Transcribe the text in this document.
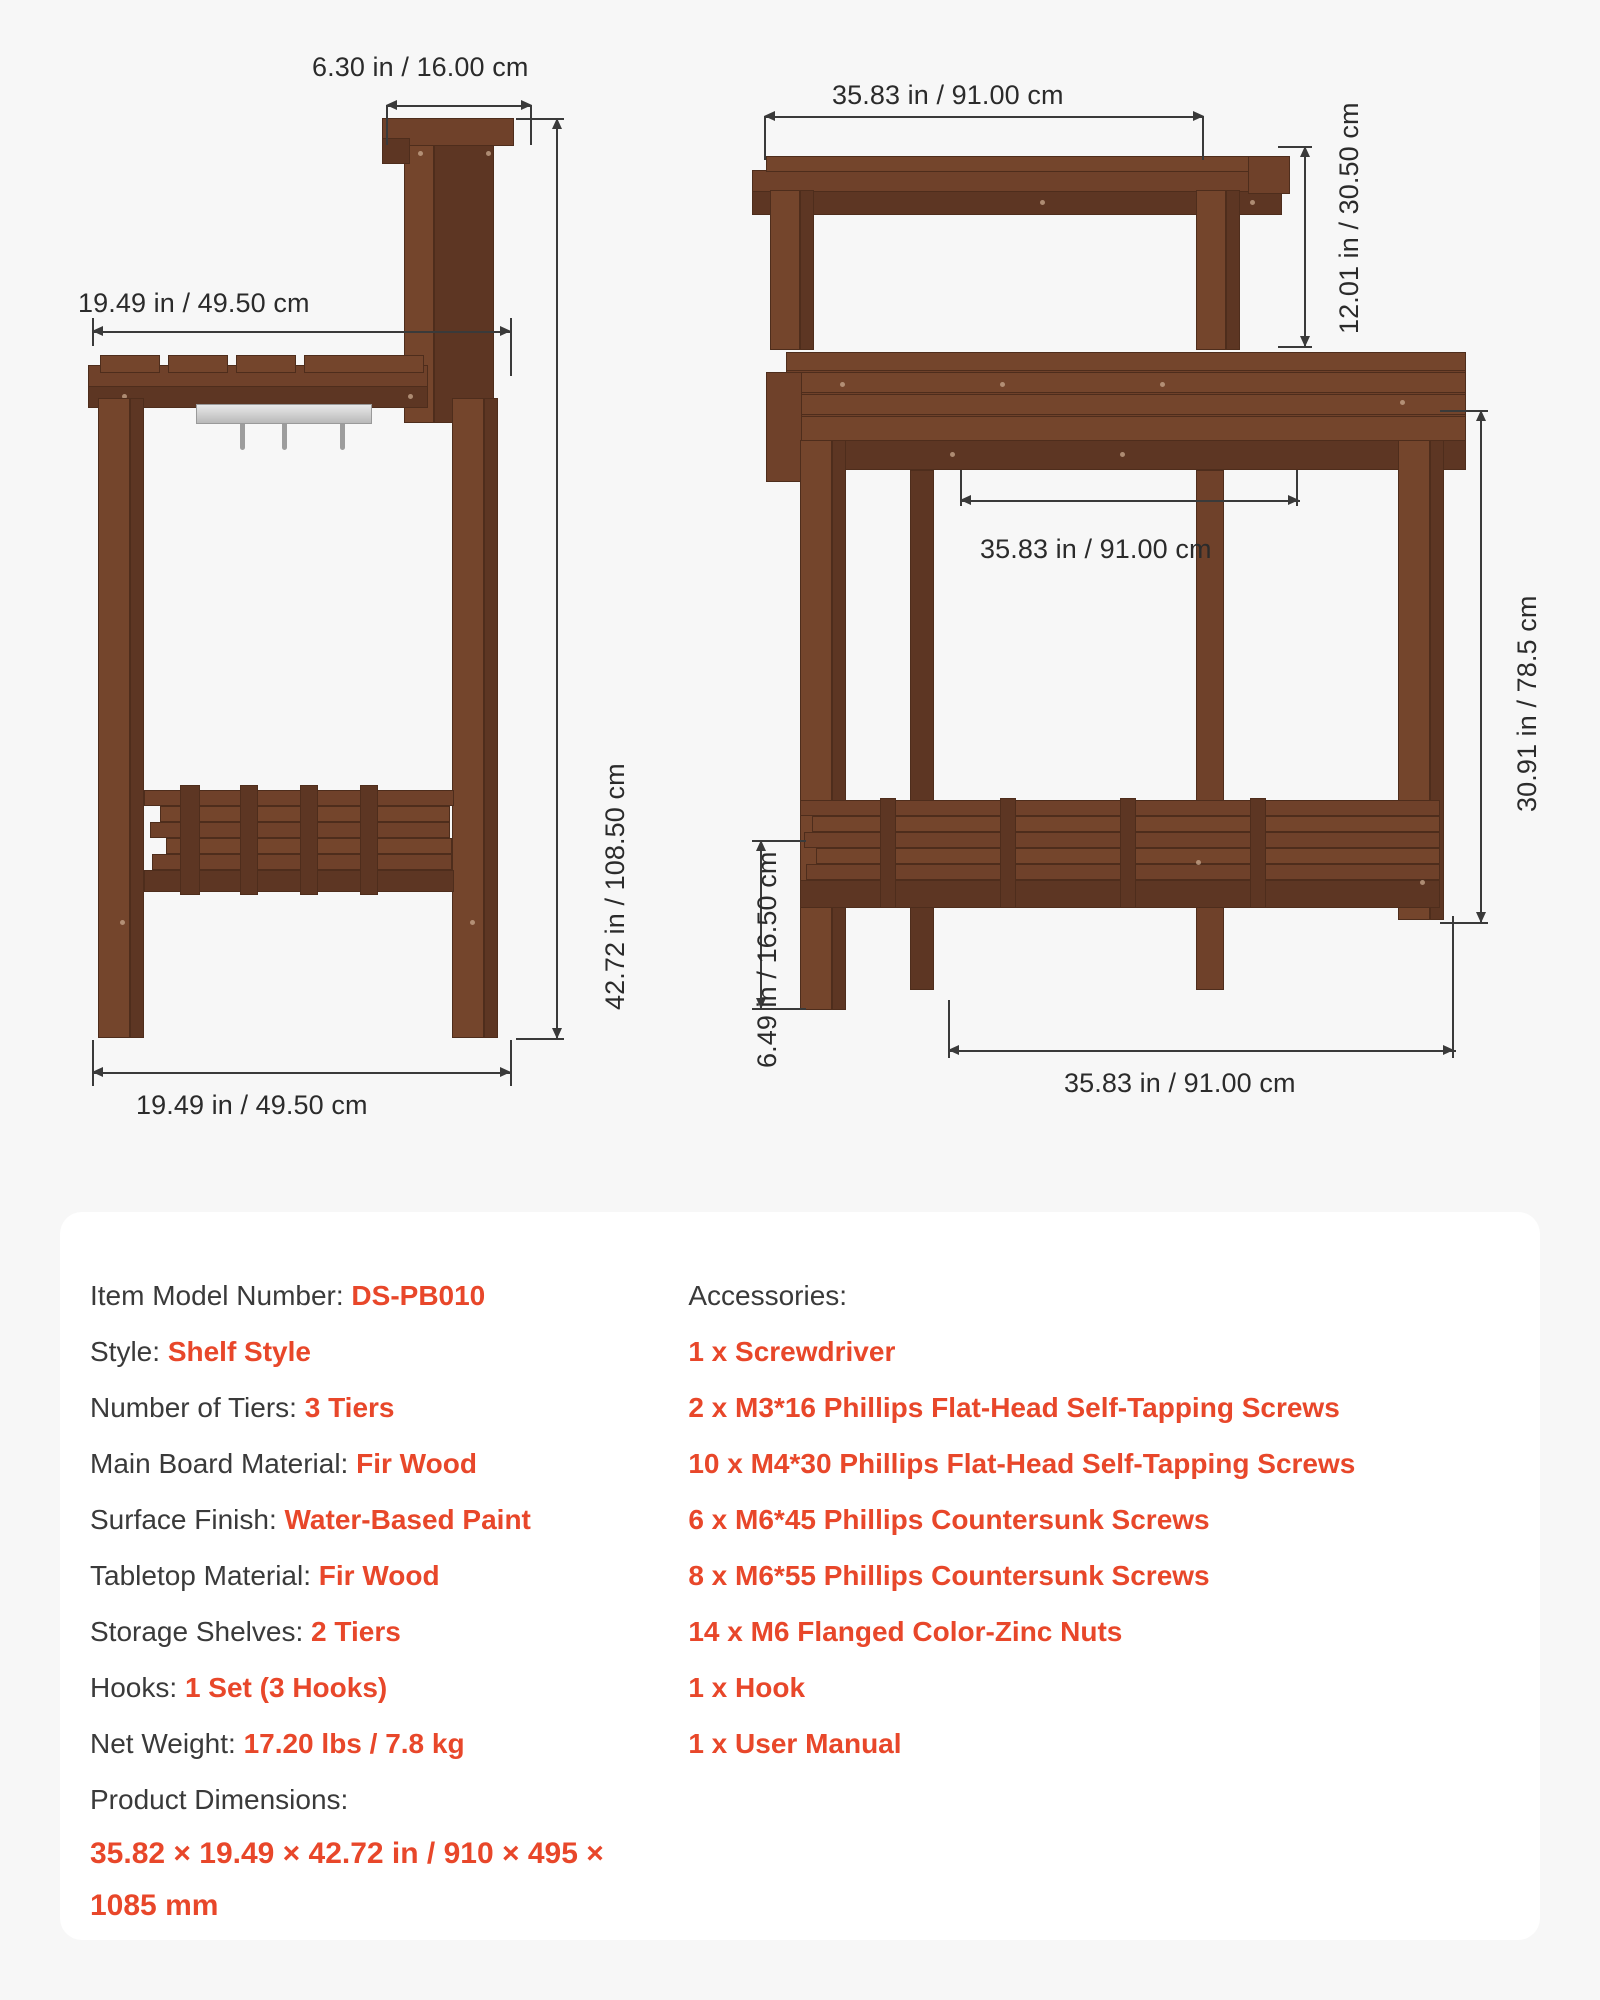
6.30 in / 16.00 cm
19.49 in / 49.50 cm
42.72 in / 108.50 cm
19.49 in / 49.50 cm
35.83 in / 91.00 cm
12.01 in / 30.50 cm
35.83 in / 91.00 cm
30.91 in / 78.5 cm
6.49 in / 16.50 cm
35.83 in / 91.00 cm
Item Model Number: DS-PB010
Style: Shelf Style
Number of Tiers: 3 Tiers
Main Board Material: Fir Wood
Surface Finish: Water-Based Paint
Tabletop Material: Fir Wood
Storage Shelves: 2 Tiers
Hooks: 1 Set (3 Hooks)
Net Weight: 17.20 lbs / 7.8 kg
Product Dimensions:
35.82 × 19.49 × 42.72 in / 910 × 495 × 1085 mm
Accessories:
1 x Screwdriver
2 x M3*16 Phillips Flat-Head Self-Tapping Screws
10 x M4*30 Phillips Flat-Head Self-Tapping Screws
6 x M6*45 Phillips Countersunk Screws
8 x M6*55 Phillips Countersunk Screws
14 x M6 Flanged Color-Zinc Nuts
1 x Hook
1 x User Manual
